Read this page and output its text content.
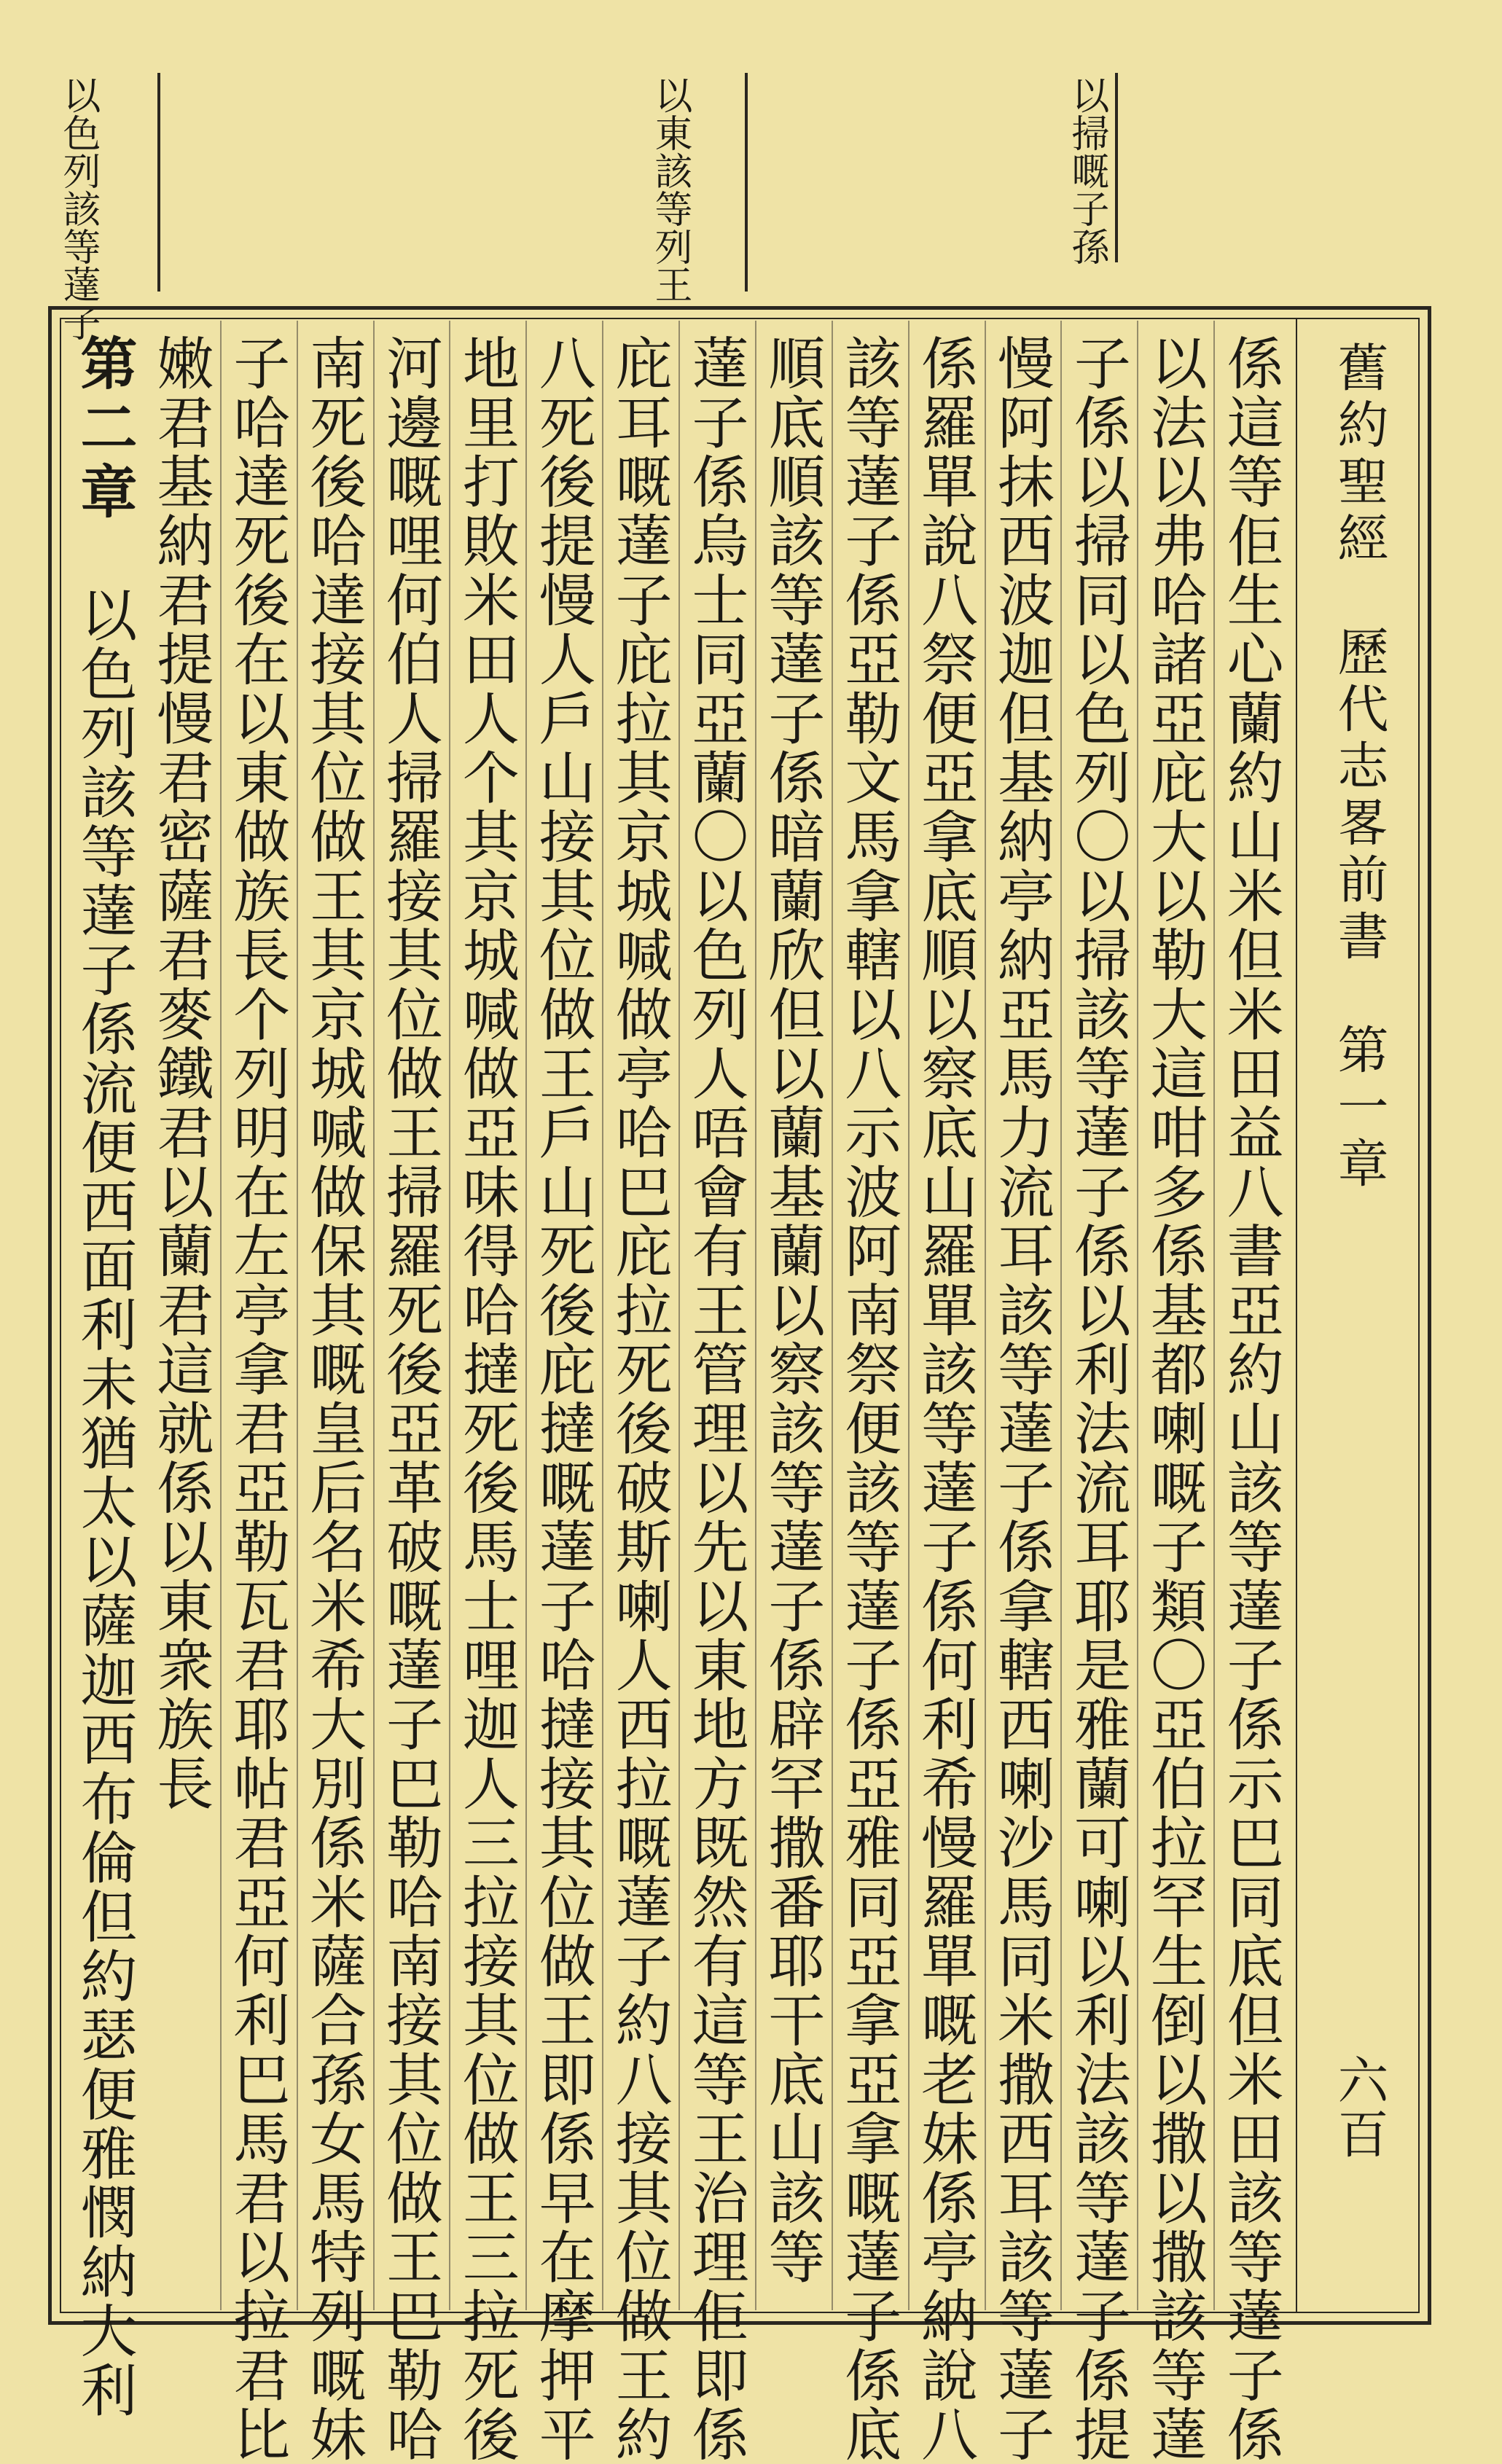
以掃嘅子孫
以東該等列王
以色列該等薘子
舊約聖經　歷代志畧前書　第一章
六百
係這等佢生心蘭約山米但米田益八書亞約山該等薘子係示巴同底但米田該等薘子係
以法以弗哈諸亞庇大以勒大這咁多係基都喇嘅子類〇亞伯拉罕生倒以撒以撒該等薘
子係以掃同以色列〇以掃該等薘子係以利法流耳耶是雅蘭可喇以利法該等薘子係提
慢阿抹西波迦但基納亭納亞馬力流耳該等薘子係拿轄西喇沙馬同米撒西耳該等薘子
係羅單說八祭便亞拿底順以察底山羅單該等薘子係何利希慢羅單嘅老妹係亭納說八
該等薘子係亞勒文馬拿轄以八示波阿南祭便該等薘子係亞雅同亞拿亞拿嘅薘子係底
順底順該等薘子係暗蘭欣但以蘭基蘭以察該等薘子係辟罕撒番耶干底山該等
薘子係烏士同亞蘭〇以色列人唔會有王管理以先以東地方既然有這等王治理佢即係
庇耳嘅薘子庇拉其京城喊做亭哈巴庇拉死後破斯喇人西拉嘅薘子約八接其位做王約
八死後提慢人戶山接其位做王戶山死後庇撻嘅薘子哈撻接其位做王即係早在摩押平
地里打敗米田人个其京城喊做亞味得哈撻死後馬士哩迦人三拉接其位做王三拉死後
河邊嘅哩何伯人掃羅接其位做王掃羅死後亞革破嘅薘子巴勒哈南接其位做王巴勒哈
南死後哈達接其位做王其京城喊做保其嘅皇后名米希大別係米薩合孫女馬特列嘅妹
子哈達死後在以東做族長个列明在左亭拿君亞勒瓦君耶帖君亞何利巴馬君以拉君比
第二章　以色列該等薘子係流便西面利未猶太以薩迦西布倫但約瑟便雅憫納大利 嫩君基納君提慢君密薩君麥鐵君以蘭君這就係以東衆族長
